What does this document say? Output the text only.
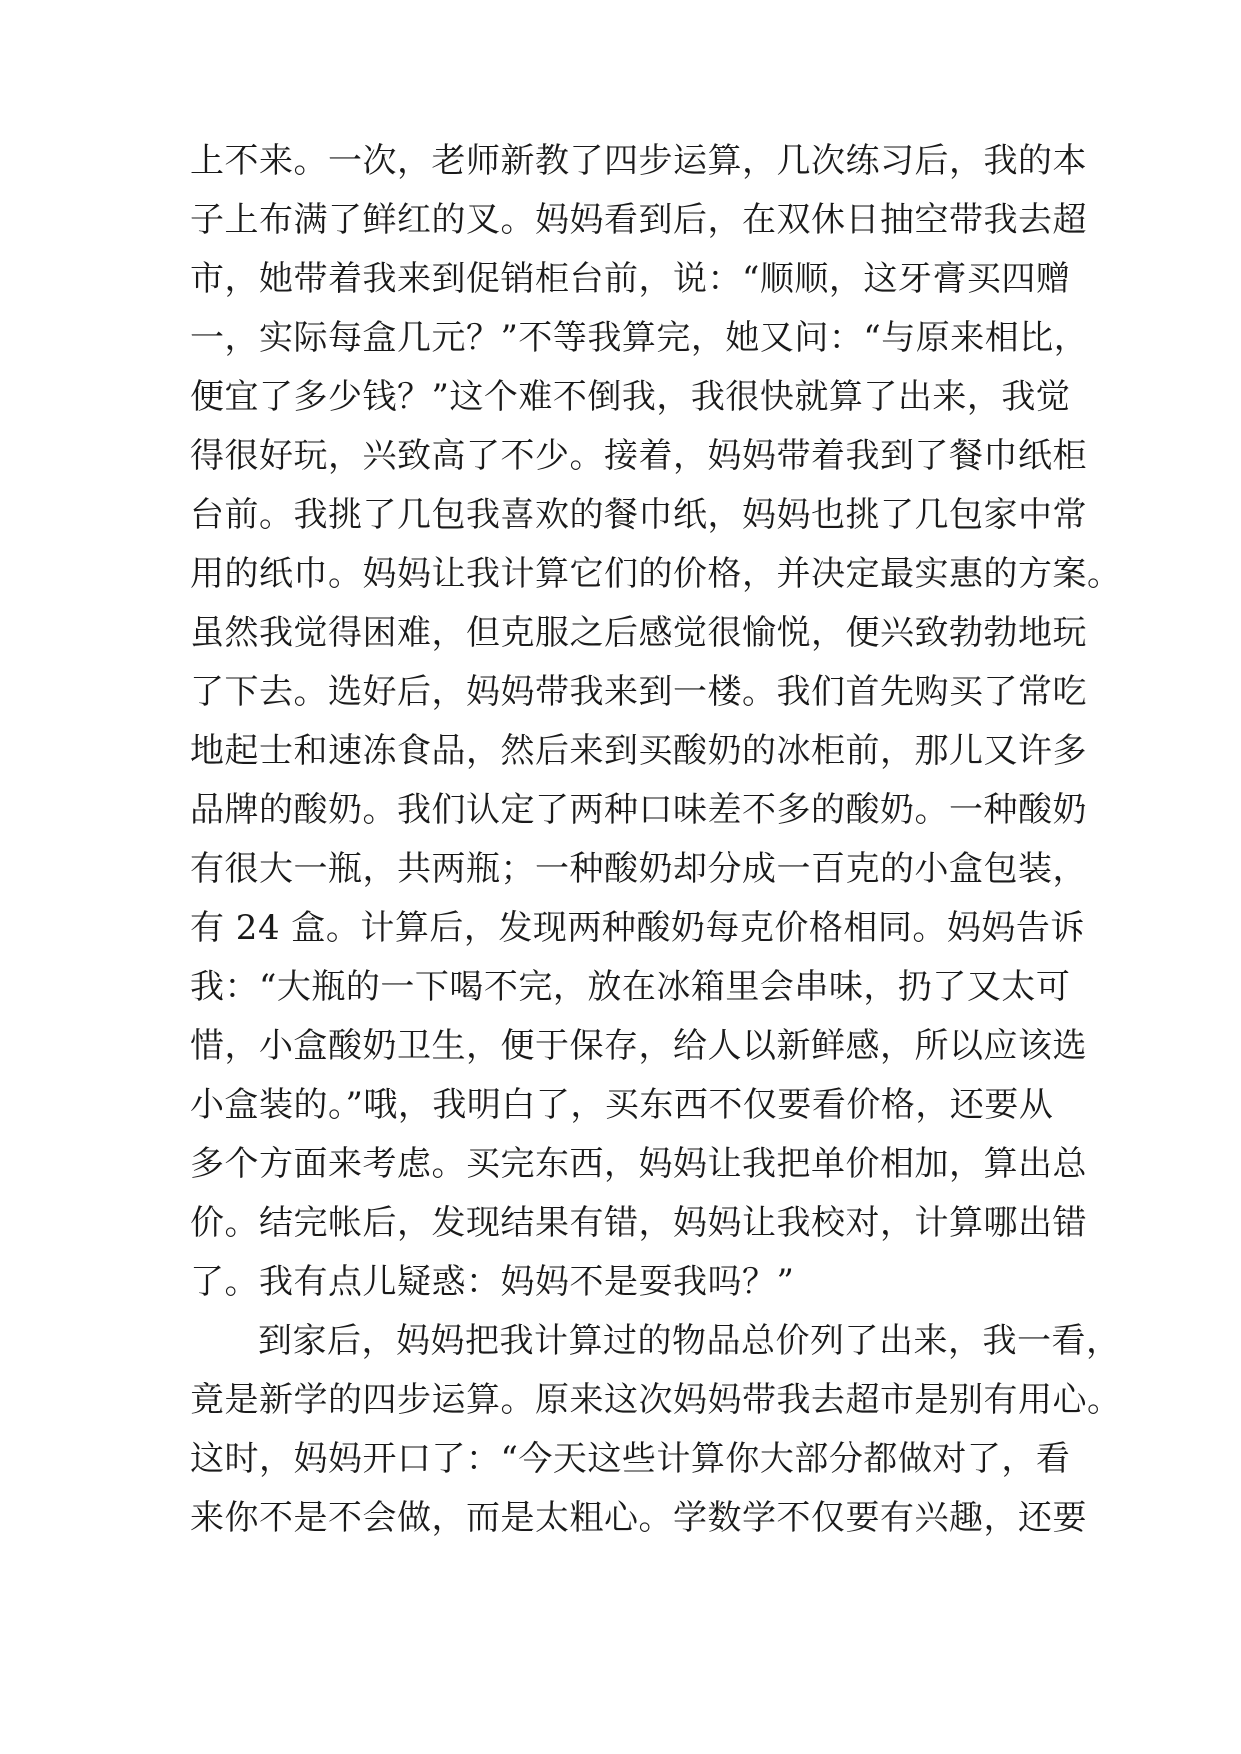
上不来。一次，老师新教了四步运算，几次练习后，我的本
子上布满了鲜红的叉。妈妈看到后，在双休日抽空带我去超
市，她带着我来到促销柜台前，说：“顺顺，这牙膏买四赠
一，实际每盒几元？”不等我算完，她又问：“与原来相比，
便宜了多少钱？”这个难不倒我，我很快就算了出来，我觉
得很好玩，兴致高了不少。接着，妈妈带着我到了餐巾纸柜
台前。我挑了几包我喜欢的餐巾纸，妈妈也挑了几包家中常
用的纸巾。妈妈让我计算它们的价格，并决定最实惠的方案。
虽然我觉得困难，但克服之后感觉很愉悦，便兴致勃勃地玩
了下去。选好后，妈妈带我来到一楼。我们首先购买了常吃
地起士和速冻食品，然后来到买酸奶的冰柜前，那儿又许多
品牌的酸奶。我们认定了两种口味差不多的酸奶。一种酸奶
有很大一瓶，共两瓶；一种酸奶却分成一百克的小盒包装，
有 24 盒。计算后，发现两种酸奶每克价格相同。妈妈告诉
我：“大瓶的一下喝不完，放在冰箱里会串味，扔了又太可
惜，小盒酸奶卫生，便于保存，给人以新鲜感，所以应该选
小盒装的。”哦，我明白了，买东西不仅要看价格，还要从
多个方面来考虑。买完东西，妈妈让我把单价相加，算出总
价。结完帐后，发现结果有错，妈妈让我校对，计算哪出错
了。我有点儿疑惑：妈妈不是耍我吗？”
到家后，妈妈把我计算过的物品总价列了出来，我一看，
竟是新学的四步运算。原来这次妈妈带我去超市是别有用心。
这时，妈妈开口了：“今天这些计算你大部分都做对了，看
来你不是不会做，而是太粗心。学数学不仅要有兴趣，还要
